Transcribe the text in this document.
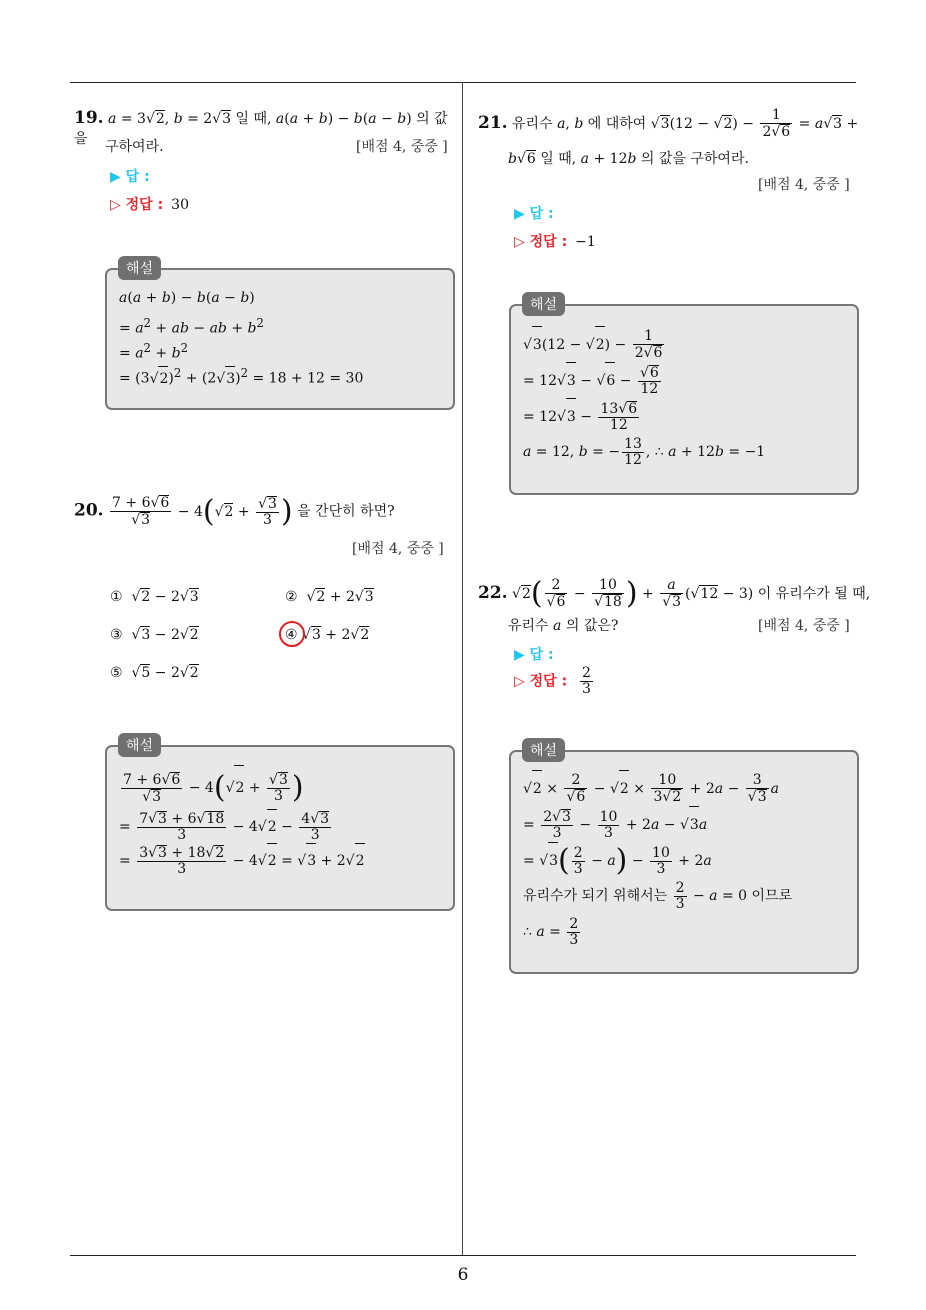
6
19. a = 3√2, b = 2√3 일 때, a(a + b) − b(a − b) 의 값을	구하여라.	[배점 4, 중중 ]
▶ 답 :
▷ 정답 : 30
a(a + b) − b(a − b)
= $a^2$ + ab − ab + $b^2$
= $a^2 + b^2$
= $(3√2)^2 + (2√3)^2 = 18 + 12 = 30$
해설
20. $\frac{7 + 6√6}{√3} - 4(√2 + \frac{√3}{3}$ ) 을 간단히 하면?
[배점 4, 중중 ]
① √2 − 2√3	② √2 + 2√3
③ √3 − 2√2	④ √3 + 2√2
⑤ √5 − 2√2
$\frac{7 + 6√6}{√3} - 4(√2 + \frac{√3}{3}$ )
= $\frac{7√3 + 6√18}{3} - 4√2 - \frac{4√3}{3}$
= $\frac{3√3 + 18√2}{3} - 4√2 = √3 + 2√2$
해설
21. 유리수 a, b 에 대하여 $√3(12 - √2) - \frac{1}{2√6} = a√3$ +
b√6 일 때, a + 12b 의 값을 구하여라.
[배점 4, 중중 ]
▶ 답 :
▷ 정답 : −1
$√3(12 - √2) - \frac{1}{2√6}$
= $12√3 - √6 - \frac{√6}{12}$
= $12√3 - \frac{13√6}{12}$
a = 12, b = − $\frac{13}{12}$ , ∴ a + 12b = −1
해설
22. $√2( \frac{2}{√6} - \frac{10}{√18}$ ) + $\frac{a}{√3} (√12 - 3)$ 이 유리수가 될 때,
유리수 a 의 값은?	[배점 4, 중중 ]
▶ 답 :
▷ 정답 : $\frac{2}{3}$
$√2 \times \frac{2}{√6} - √2 \times \frac{10}{3√2} + 2a - \frac{3}{√3}$ a
= $\frac{2√3}{3} - \frac{10}{3} + 2a - √3a$
= $√3( \frac{2}{3} - a) - \frac{10}{3} + 2a$
유리수가 되기 위해서는 $\frac{2}{3} - a = 0$ 이므로
∴ $a = \frac{2}{3}$
해설
